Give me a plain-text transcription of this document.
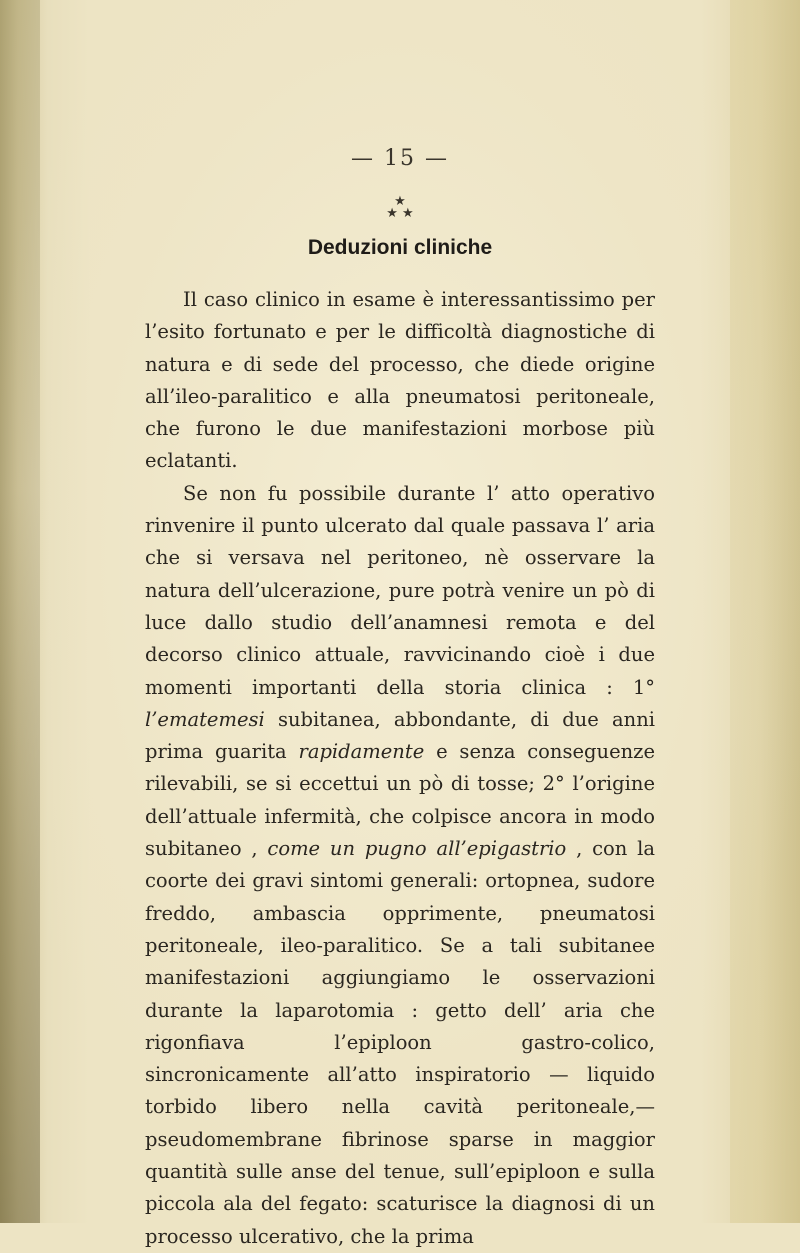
— 15 —
★
★ ★
Deduzioni cliniche

Il caso clinico in esame è interessantissimo per l’esito fortunato e per le difficoltà diagnostiche di natura e di sede del processo, che diede origine all’ileo-paralitico e alla pneumatosi peritoneale, che furono le due manifestazioni morbose più eclatanti.

Se non fu possibile durante l’ atto operativo rinvenire il punto ulcerato dal quale passava l’ aria che si versava nel peritoneo, nè osservare la natura dell’ulcerazione, pure potrà venire un pò di luce dallo studio dell’anamnesi remota e del decorso clinico attuale, ravvicinando cioè i due momenti importanti della storia clinica : 1° l’ematemesi subitanea, abbondante, di due anni prima guarita rapidamente e senza conseguenze rilevabili, se si eccettui un pò di tosse; 2° l’origine dell’attuale infermità, che colpisce ancora in modo subitaneo , come un pugno all’epigastrio , con la coorte dei gravi sintomi generali: ortopnea, sudore freddo, ambascia opprimente, pneumatosi peritoneale, ileo-paralitico. Se a tali subitanee manifestazioni aggiungiamo le osservazioni durante la laparotomia : getto dell’ aria che rigonfiava l’epiploon gastro-colico, sincronicamente all’atto inspiratorio — liquido torbido libero nella cavità peritoneale,—pseudomembrane fibrinose sparse in maggior quantità sulle anse del tenue, sull’epiploon e sulla piccola ala del fegato: scaturisce la diagnosi di un processo ulcerativo, che la prima
